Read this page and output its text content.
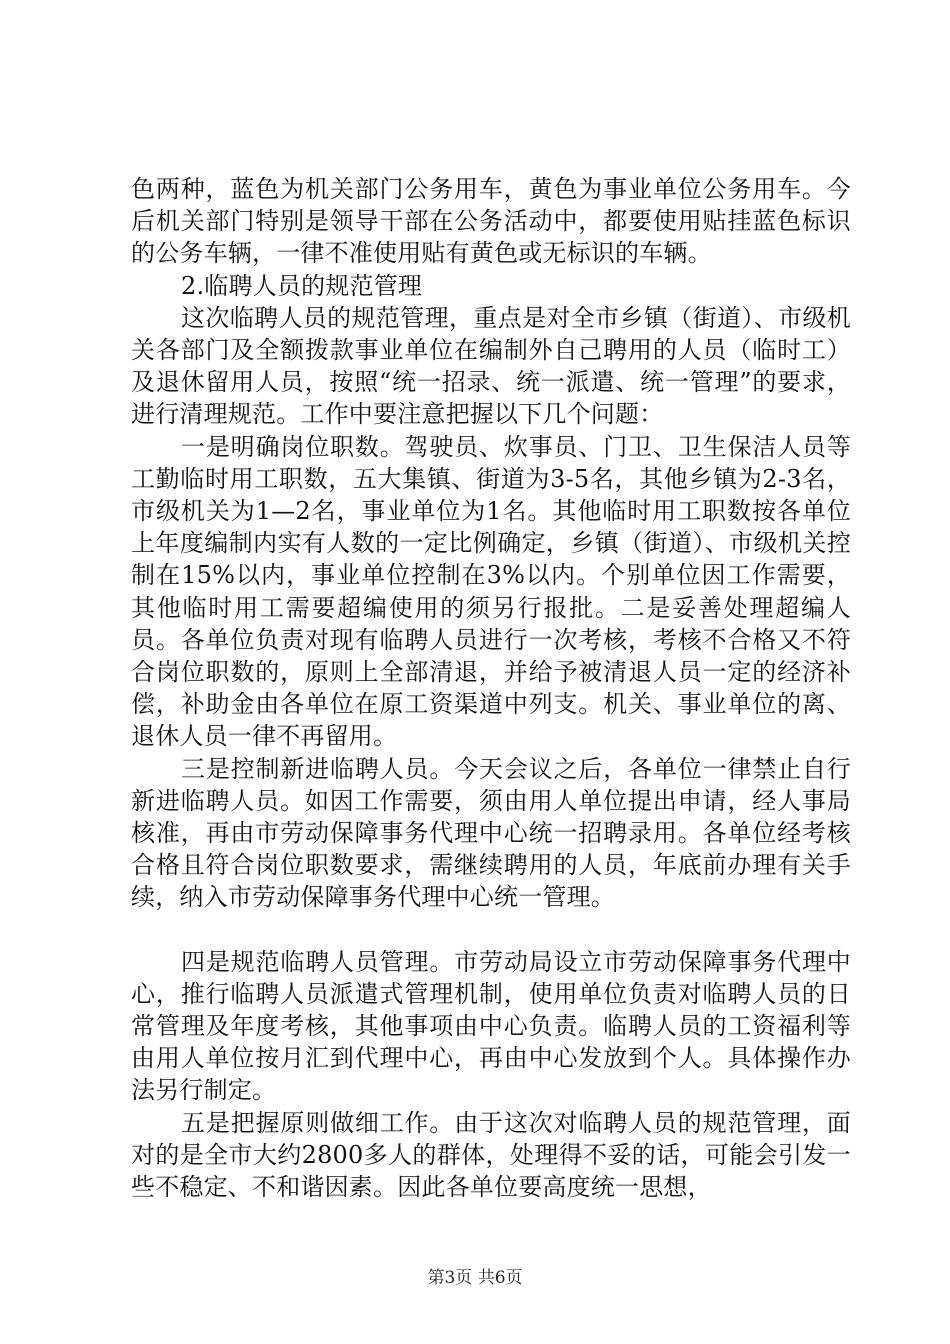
色两种，蓝色为机关部门公务用车，黄色为事业单位公务用车。今后机关部门特别是领导干部在公务活动中，都要使用贴挂蓝色标识的公务车辆，一律不准使用贴有黄色或无标识的车辆。

2.临聘人员的规范管理

这次临聘人员的规范管理，重点是对全市乡镇（街道）、市级机关各部门及全额拨款事业单位在编制外自己聘用的人员（临时工）及退休留用人员，按照“统一招录、统一派遣、统一管理”的要求，进行清理规范。工作中要注意把握以下几个问题：

一是明确岗位职数。驾驶员、炊事员、门卫、卫生保洁人员等工勤临时用工职数，五大集镇、街道为3-5名，其他乡镇为2-3名，市级机关为1—2名，事业单位为1名。其他临时用工职数按各单位上年度编制内实有人数的一定比例确定，乡镇（街道）、市级机关控制在15%以内，事业单位控制在3%以内。个别单位因工作需要，其他临时用工需要超编使用的须另行报批。二是妥善处理超编人员。各单位负责对现有临聘人员进行一次考核，考核不合格又不符合岗位职数的，原则上全部清退，并给予被清退人员一定的经济补偿，补助金由各单位在原工资渠道中列支。机关、事业单位的离、退休人员一律不再留用。

三是控制新进临聘人员。今天会议之后，各单位一律禁止自行新进临聘人员。如因工作需要，须由用人单位提出申请，经人事局核准，再由市劳动保障事务代理中心统一招聘录用。各单位经考核合格且符合岗位职数要求，需继续聘用的人员，年底前办理有关手续，纳入市劳动保障事务代理中心统一管理。

四是规范临聘人员管理。市劳动局设立市劳动保障事务代理中心，推行临聘人员派遣式管理机制，使用单位负责对临聘人员的日常管理及年度考核，其他事项由中心负责。临聘人员的工资福利等由用人单位按月汇到代理中心，再由中心发放到个人。具体操作办法另行制定。

五是把握原则做细工作。由于这次对临聘人员的规范管理，面对的是全市大约2800多人的群体，处理得不妥的话，可能会引发一些不稳定、不和谐因素。因此各单位要高度统一思想，

第3页 共6页
